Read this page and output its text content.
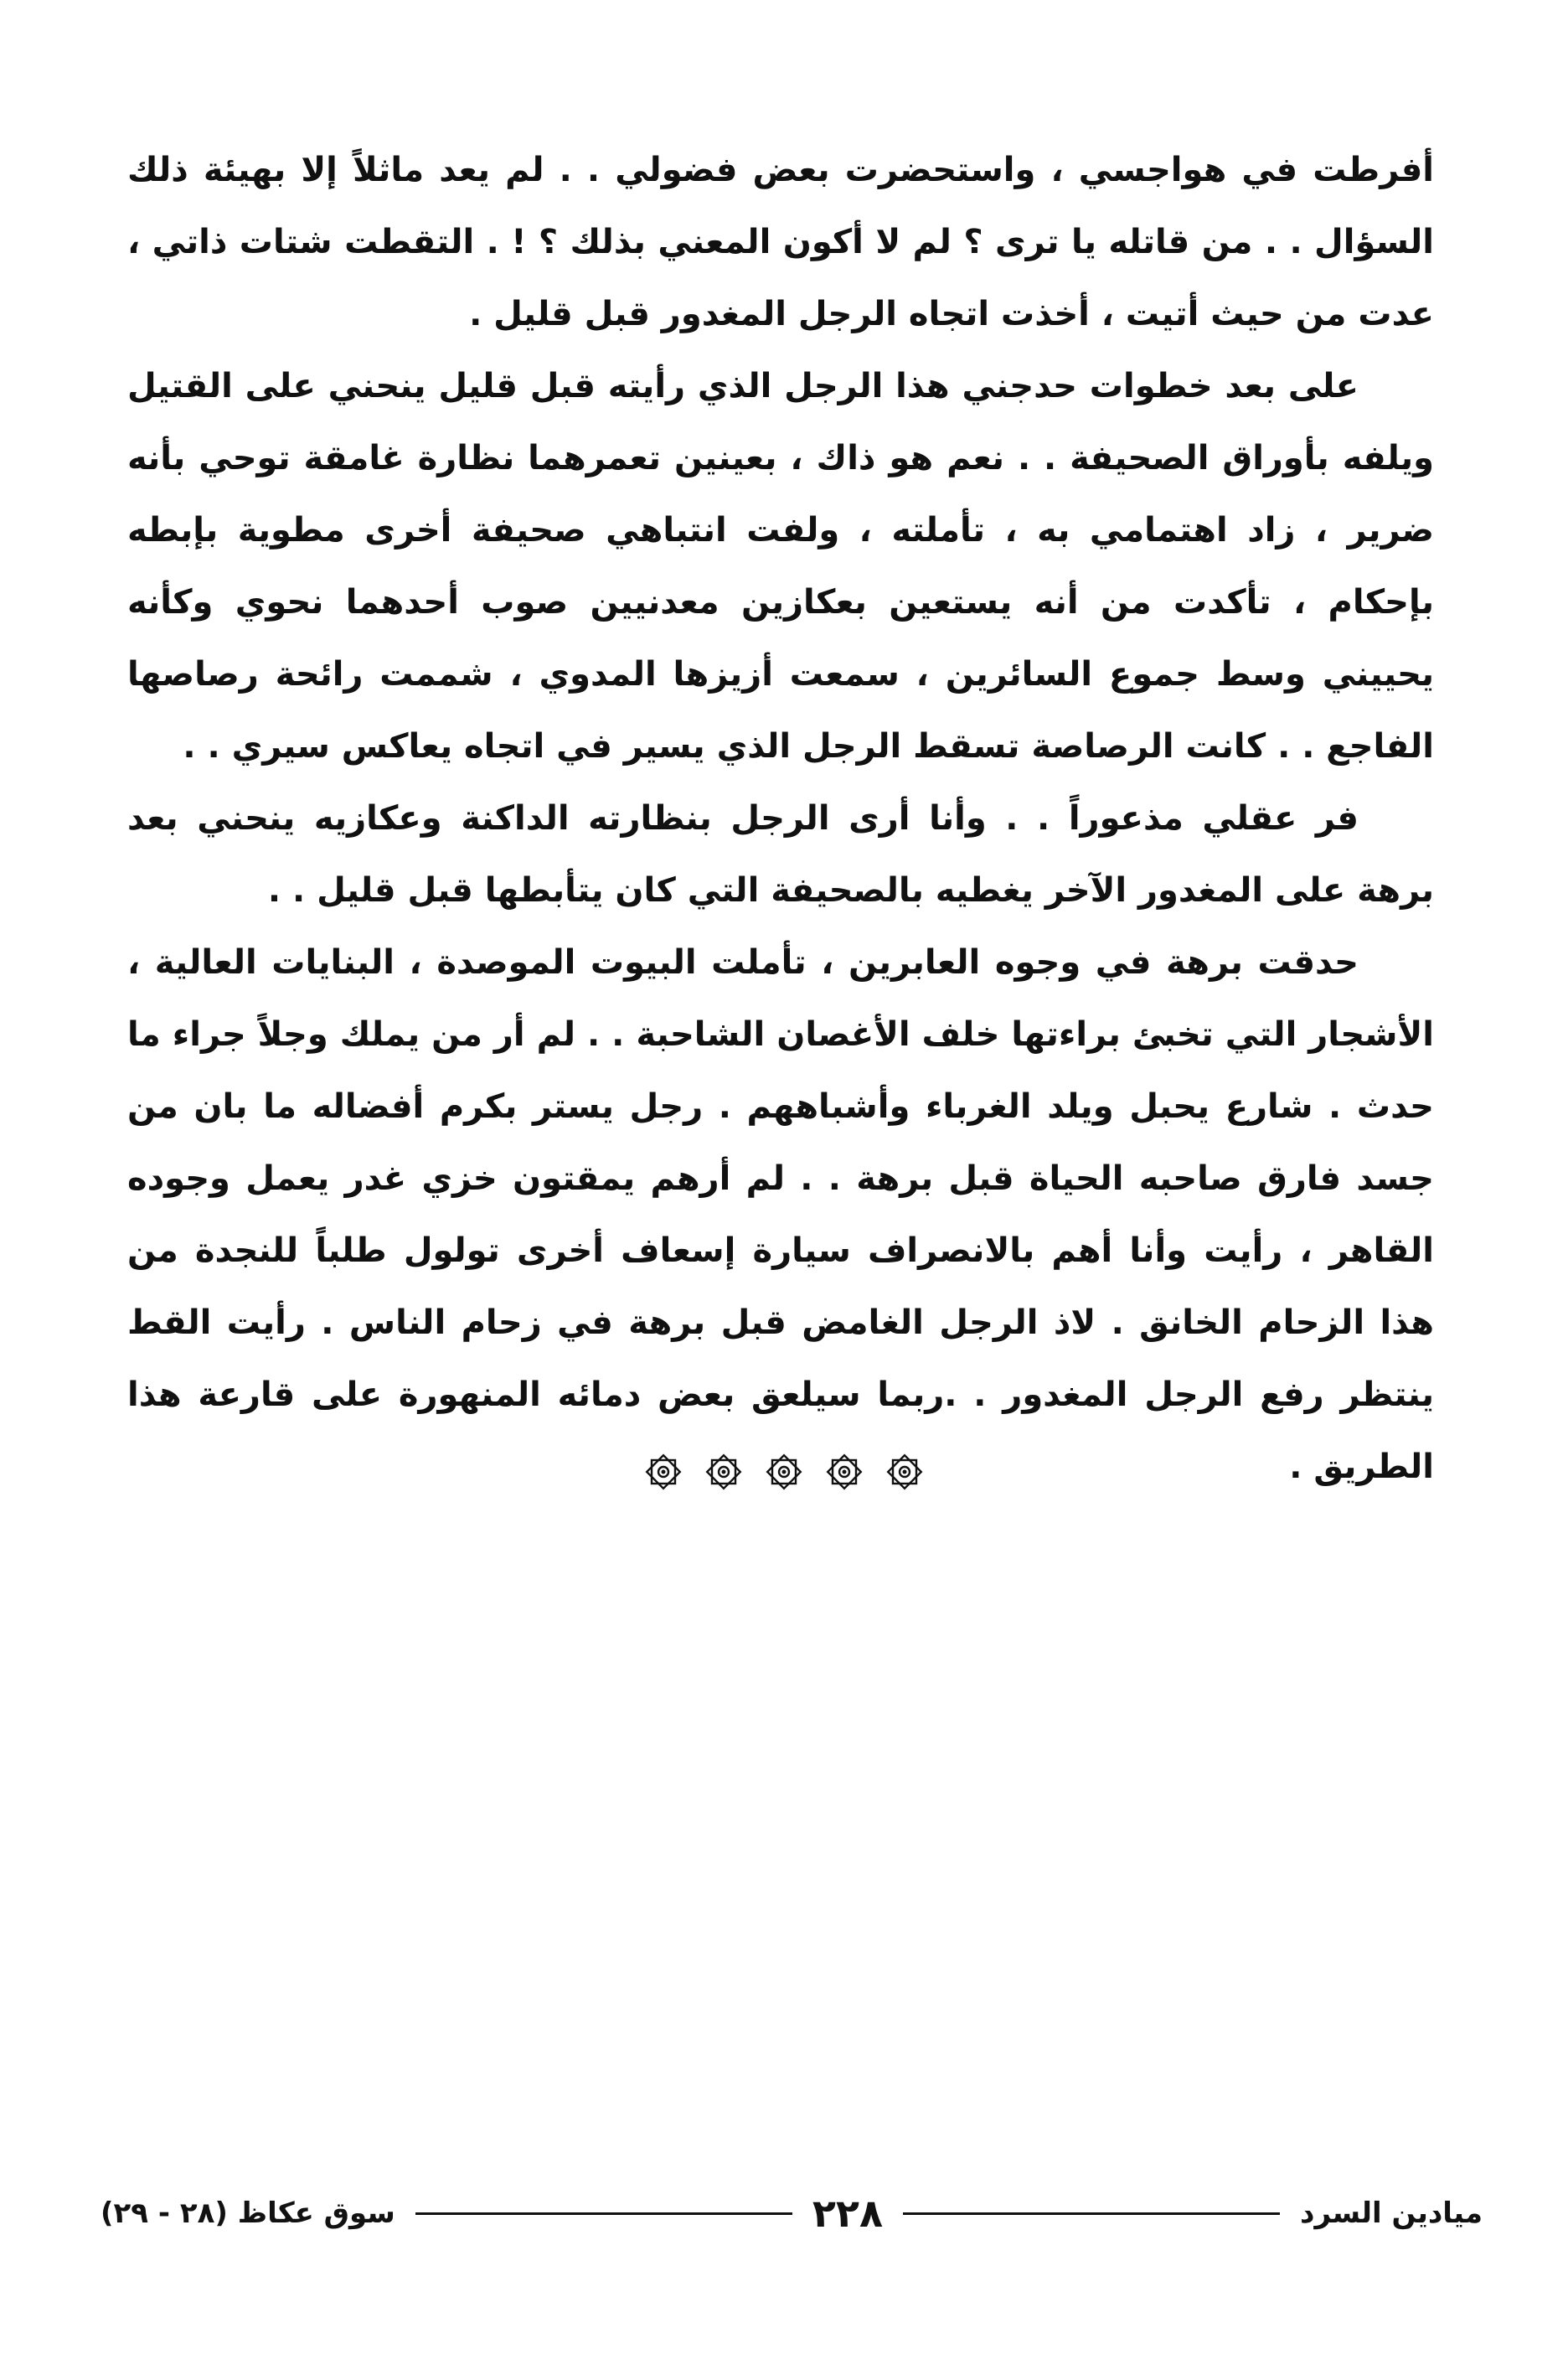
أفرطت في هواجسي ، واستحضرت بعض فضولي . . لم يعد ماثلاً إلا بهيئة ذلك السؤال . . من قاتله يا ترى ؟ لم لا أكون المعني بذلك ؟ ! . التقطت شتات ذاتي ، عدت من حيث أتيت ، أخذت اتجاه الرجل المغدور قبل قليل .

على بعد خطوات حدجني هذا الرجل الذي رأيته قبل قليل ينحني على القتيل ويلفه بأوراق الصحيفة . . نعم هو ذاك ، بعينين تعمرهما نظارة غامقة توحي بأنه ضرير ، زاد اهتمامي به ، تأملته ، ولفت انتباهي صحيفة أخرى مطوية بإبطه بإحكام ، تأكدت من أنه يستعين بعكازين معدنيين صوب أحدهما نحوي وكأنه يحييني وسط جموع السائرين ، سمعت أزيزها المدوي ، شممت رائحة رصاصها الفاجع . . كانت الرصاصة تسقط الرجل الذي يسير في اتجاه يعاكس سيري . .

فر عقلي مذعوراً . . وأنا أرى الرجل بنظارته الداكنة وعكازيه ينحني بعد برهة على المغدور الآخر يغطيه بالصحيفة التي كان يتأبطها قبل قليل . .

حدقت برهة في وجوه العابرين ، تأملت البيوت الموصدة ، البنايات العالية ، الأشجار التي تخبئ براءتها خلف الأغصان الشاحبة . . لم أر من يملك وجلاً جراء ما حدث . شارع يحبل ويلد الغرباء وأشباههم . رجل يستر بكرم أفضاله ما بان من جسد فارق صاحبه الحياة قبل برهة . . لم أرهم يمقتون خزي غدر يعمل وجوده القاهر ، رأيت وأنا أهم بالانصراف سيارة إسعاف أخرى تولول طلباً للنجدة من هذا الزحام الخانق . لاذ الرجل الغامض قبل برهة في زحام الناس . رأيت القط ينتظر رفع الرجل المغدور . .ربما سيلعق بعض دمائه المنهورة على قارعة هذا الطريق .

ميادين السرد
٢٢٨
سوق عكاظ (٢٨ - ٢٩)
